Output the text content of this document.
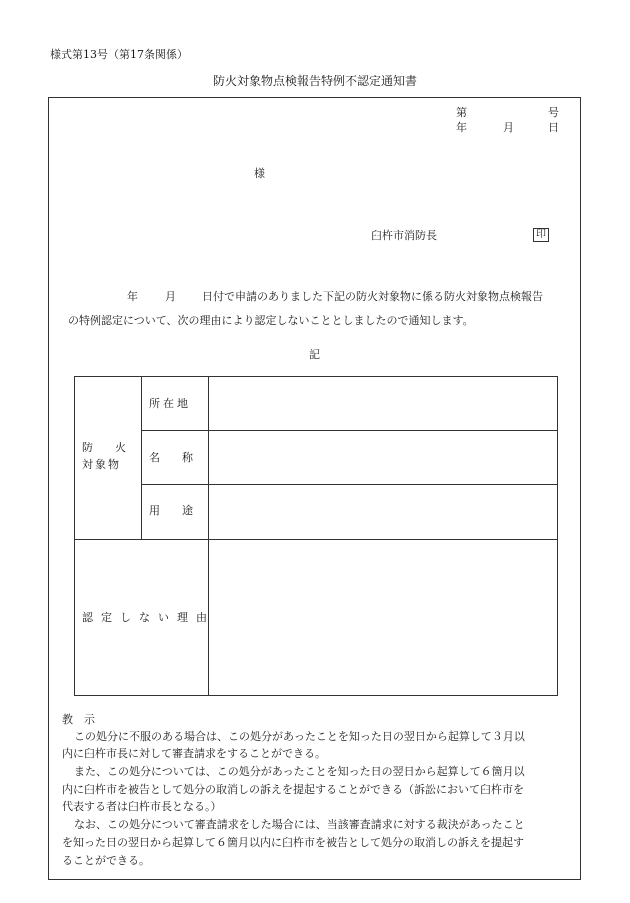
様式第13号（第17条関係）
防火対象物点検報告特例不認定通知書
第	号
年	月	日
様
臼杵市消防長	印
年 月 日付で申請のありました下記の防火対象物に係る防火対象物点検報告
の特例認定について、次の理由により認定しないこととしましたので通知します。
記
防　　火
対象物
所在地
名　　称
用　　途
認定しない理由
教　示
この処分に不服のある場合は、この処分があったことを知った日の翌日から起算して３月以
内に臼杵市長に対して審査請求をすることができる。
また、この処分については、この処分があったことを知った日の翌日から起算して６箇月以
内に臼杵市を被告として処分の取消しの訴えを提起することができる（訴訟において臼杵市を
代表する者は臼杵市長となる。）
なお、この処分について審査請求をした場合には、当該審査請求に対する裁決があったこと
を知った日の翌日から起算して６箇月以内に臼杵市を被告として処分の取消しの訴えを提起す
ることができる。
